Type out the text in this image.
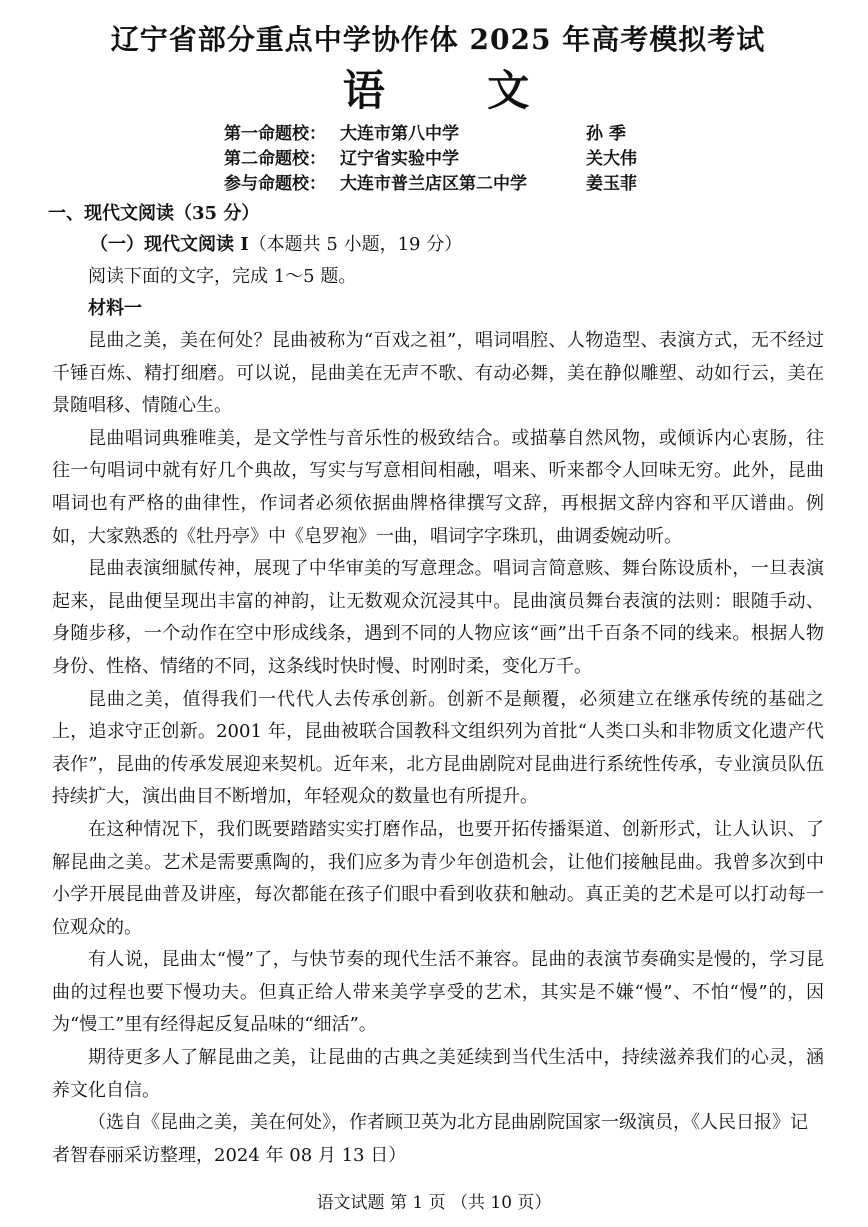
辽宁省部分重点中学协作体 2025 年高考模拟考试
语 文
第一命题校： 大连市第八中学	孙 季
第二命题校： 辽宁省实验中学	关大伟
参与命题校： 大连市普兰店区第二中学	姜玉菲
一、现代文阅读（35 分）
（一）现代文阅读 I（本题共 5 小题，19 分）
阅读下面的文字，完成 1～5 题。
材料一

昆曲之美，美在何处？昆曲被称为“百戏之祖”，唱词唱腔、人物造型、表演方式，无不经过千锤百炼、精打细磨。可以说，昆曲美在无声不歌、有动必舞，美在静似雕塑、动如行云，美在景随唱移、情随心生。

昆曲唱词典雅唯美，是文学性与音乐性的极致结合。或描摹自然风物，或倾诉内心衷肠，往往一句唱词中就有好几个典故，写实与写意相间相融，唱来、听来都令人回味无穷。此外，昆曲唱词也有严格的曲律性，作词者必须依据曲牌格律撰写文辞，再根据文辞内容和平仄谱曲。例如，大家熟悉的《牡丹亭》中《皂罗袍》一曲，唱词字字珠玑，曲调委婉动听。

昆曲表演细腻传神，展现了中华审美的写意理念。唱词言简意赅、舞台陈设质朴，一旦表演起来，昆曲便呈现出丰富的神韵，让无数观众沉浸其中。昆曲演员舞台表演的法则：眼随手动、身随步移，一个动作在空中形成线条，遇到不同的人物应该“画”出千百条不同的线来。根据人物身份、性格、情绪的不同，这条线时快时慢、时刚时柔，变化万千。

昆曲之美，值得我们一代代人去传承创新。创新不是颠覆，必须建立在继承传统的基础之上，追求守正创新。2001 年，昆曲被联合国教科文组织列为首批“人类口头和非物质文化遗产代表作”，昆曲的传承发展迎来契机。近年来，北方昆曲剧院对昆曲进行系统性传承，专业演员队伍持续扩大，演出曲目不断增加，年轻观众的数量也有所提升。

在这种情况下，我们既要踏踏实实打磨作品，也要开拓传播渠道、创新形式，让人认识、了解昆曲之美。艺术是需要熏陶的，我们应多为青少年创造机会，让他们接触昆曲。我曾多次到中小学开展昆曲普及讲座，每次都能在孩子们眼中看到收获和触动。真正美的艺术是可以打动每一位观众的。

有人说，昆曲太“慢”了，与快节奏的现代生活不兼容。昆曲的表演节奏确实是慢的，学习昆曲的过程也要下慢功夫。但真正给人带来美学享受的艺术，其实是不嫌“慢”、不怕“慢”的，因为“慢工”里有经得起反复品味的“细活”。

期待更多人了解昆曲之美，让昆曲的古典之美延续到当代生活中，持续滋养我们的心灵，涵养文化自信。

（选自《昆曲之美，美在何处》，作者顾卫英为北方昆曲剧院国家一级演员，《人民日报》记者智春丽采访整理，2024 年 08 月 13 日）

语文试题 第 1 页 （共 10 页）
